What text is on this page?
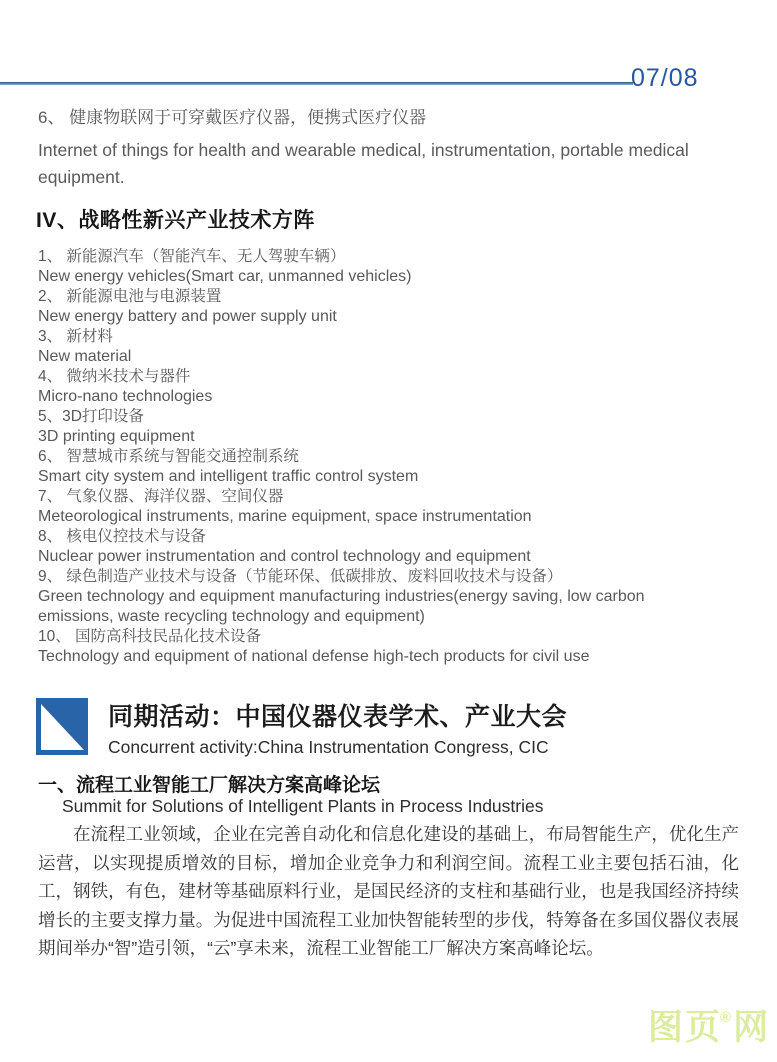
07/08

6、 健康物联网于可穿戴医疗仪器，便携式医疗仪器

Internet of things for health and wearable medical, instrumentation, portable medical equipment.

IV、战略性新兴产业技术方阵

1、 新能源汽车（智能汽车、无人驾驶车辆）

New energy vehicles(Smart car, unmanned vehicles)

2、 新能源电池与电源装置

New energy battery and power supply unit

3、 新材料

New material

4、 微纳米技术与器件

Micro-nano technologies

5、3D打印设备

3D printing equipment

6、 智慧城市系统与智能交通控制系统

Smart city system and intelligent traffic control system

7、 气象仪器、海洋仪器、空间仪器

Meteorological instruments, marine equipment, space instrumentation

8、 核电仪控技术与设备

Nuclear power instrumentation and control technology and equipment

9、 绿色制造产业技术与设备（节能环保、低碳排放、废料回收技术与设备）

Green technology and equipment manufacturing industries(energy saving, low carbon emissions, waste recycling technology and equipment)

10、 国防高科技民品化技术设备

Technology and equipment of national defense high-tech products for civil use

同期活动：中国仪器仪表学术、产业大会
Concurrent activity:China Instrumentation Congress, CIC
一、流程工业智能工厂解决方案高峰论坛
Summit for Solutions of Intelligent Plants in Process Industries

在流程工业领域，企业在完善自动化和信息化建设的基础上，布局智能生产，优化生产运营，以实现提质增效的目标，增加企业竞争力和利润空间。流程工业主要包括石油，化工，钢铁，有色，建材等基础原料行业，是国民经济的支柱和基础行业，也是我国经济持续增长的主要支撑力量。为促进中国流程工业加快智能转型的步伐，特筹备在多国仪器仪表展期间举办“智”造引领，“云”享未来，流程工业智能工厂解决方案高峰论坛。

图页®网
